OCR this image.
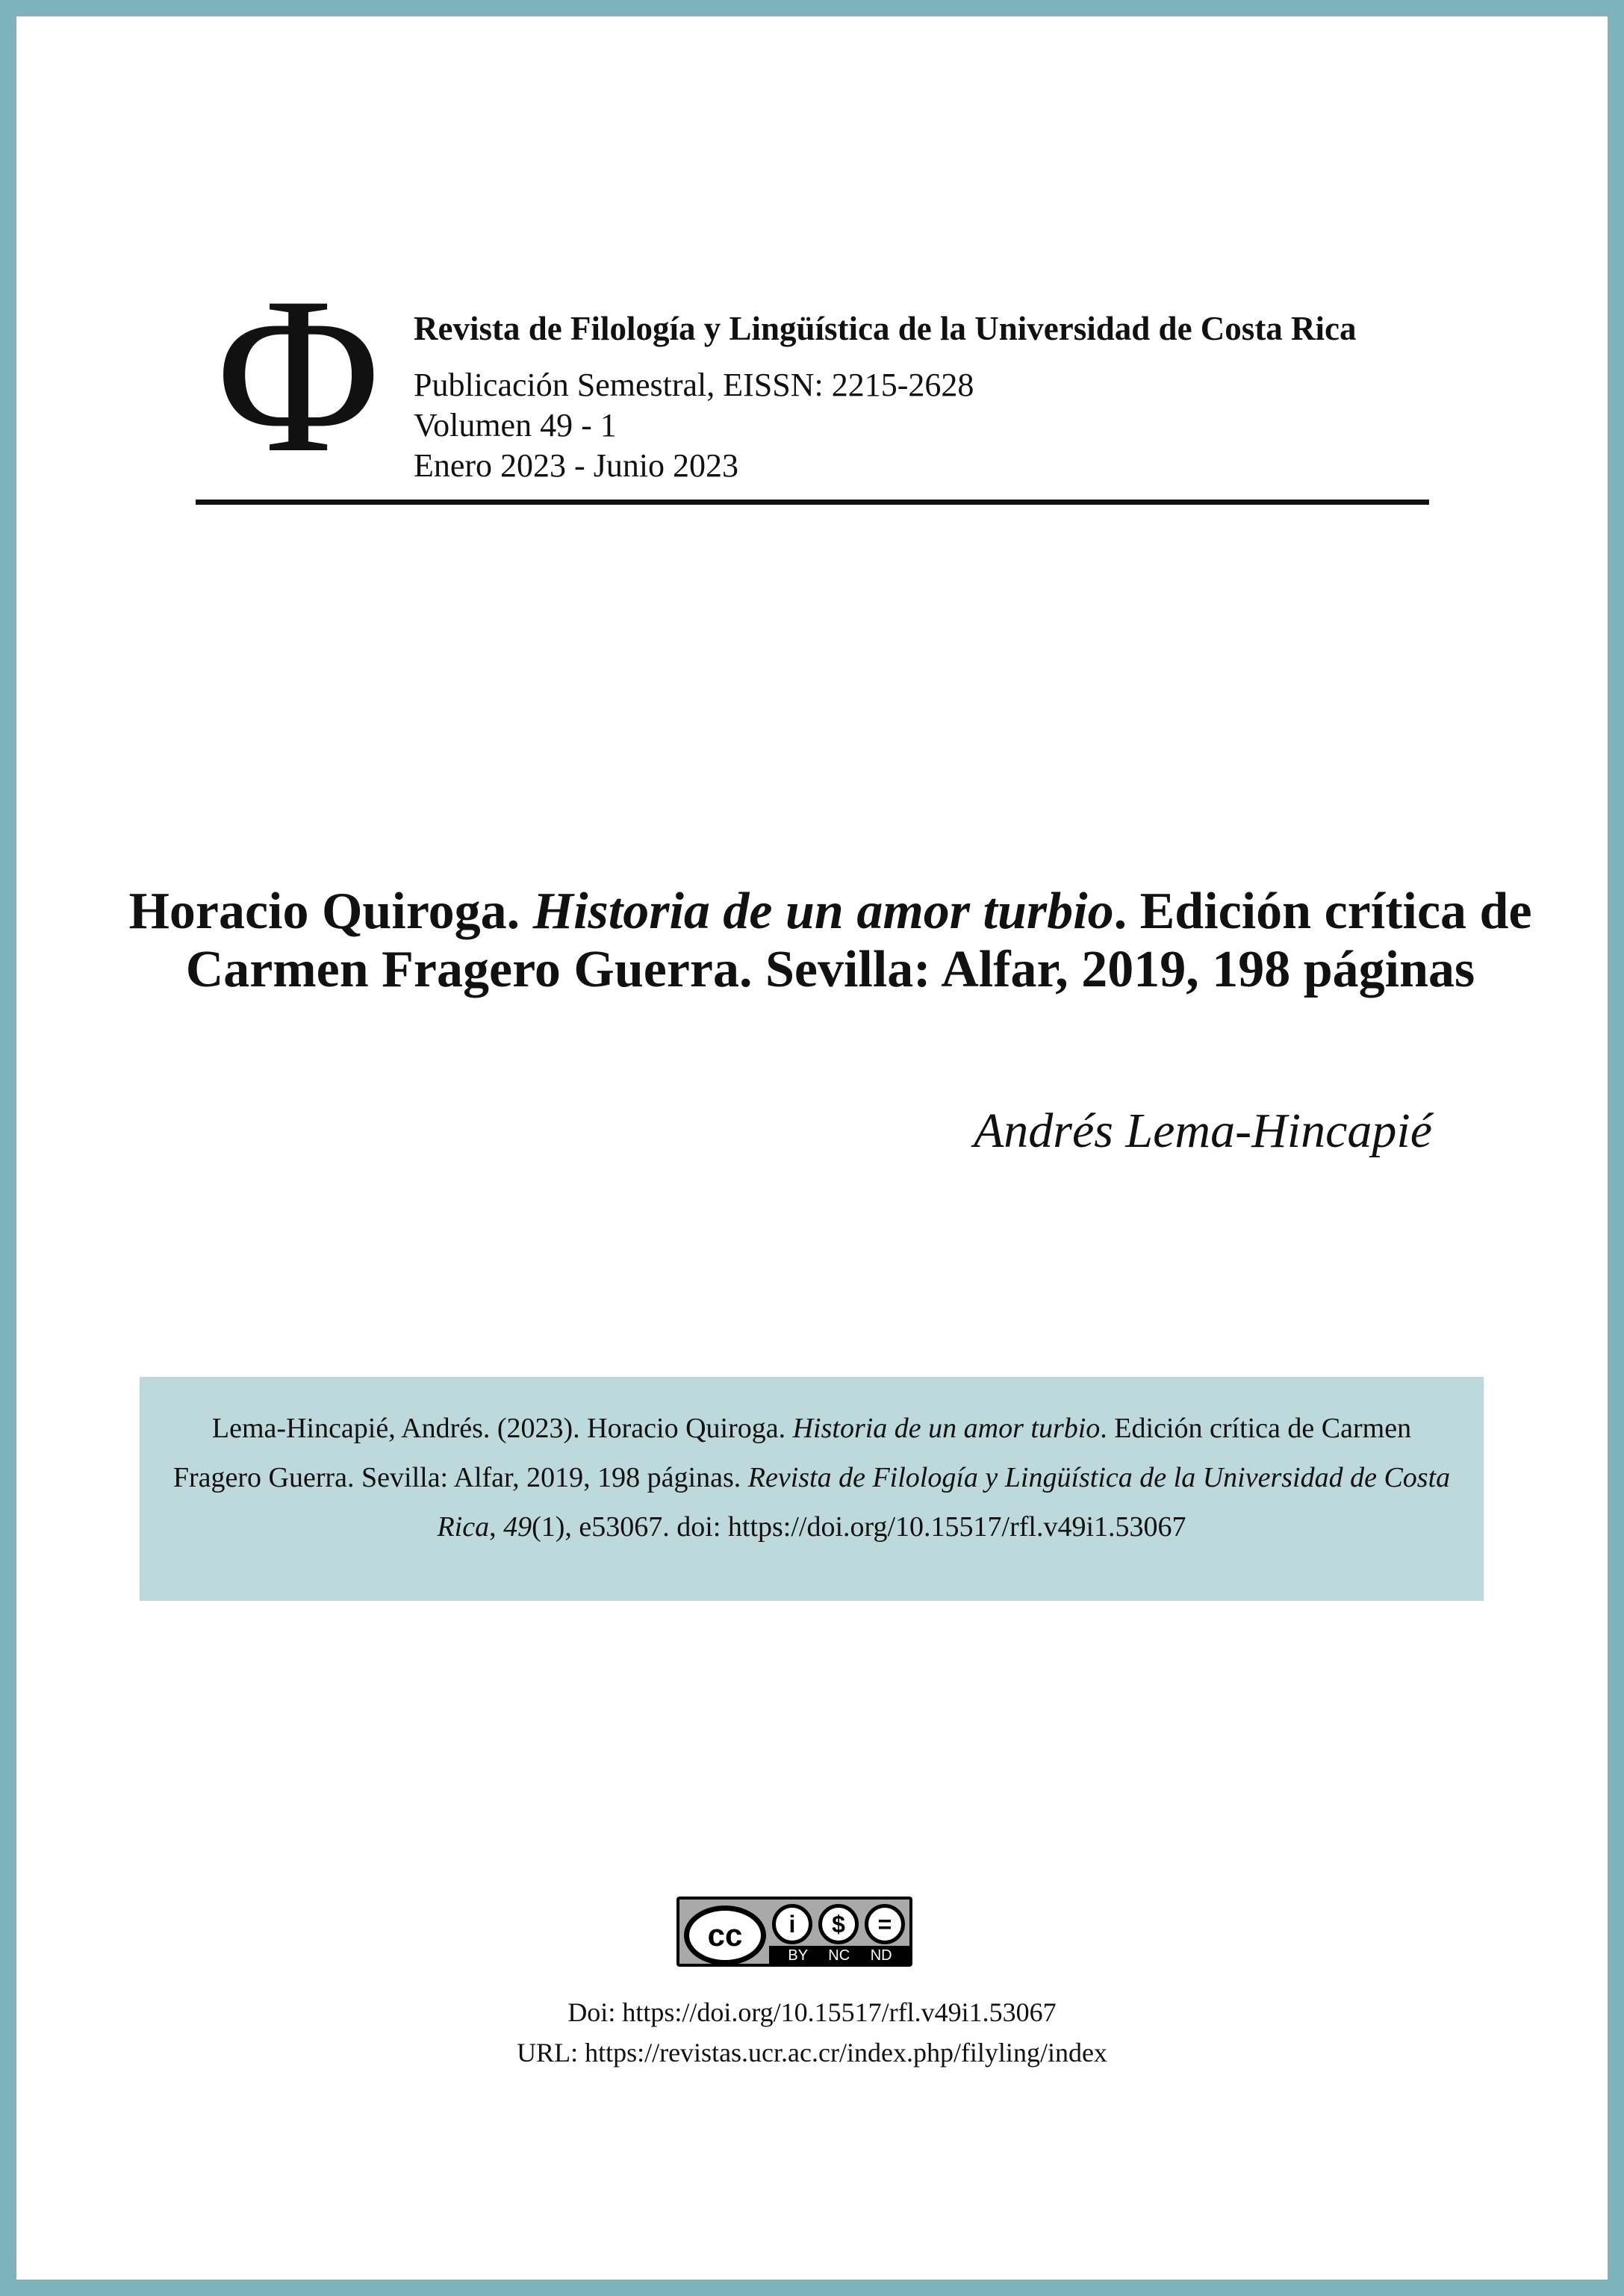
Φ Revista de Filología y Lingüística de la Universidad de Costa Rica
Publicación Semestral, EISSN: 2215-2628
Volumen 49 - 1
Enero 2023 - Junio 2023
Horacio Quiroga. Historia de un amor turbio. Edición crítica de Carmen Fragero Guerra. Sevilla: Alfar, 2019, 198 páginas
Andrés Lema-Hincapié
Lema-Hincapié, Andrés. (2023). Horacio Quiroga. Historia de un amor turbio. Edición crítica de Carmen Fragero Guerra. Sevilla: Alfar, 2019, 198 páginas. Revista de Filología y Lingüística de la Universidad de Costa Rica, 49(1), e53067. doi: https://doi.org/10.15517/rfl.v49i1.53067
cc	i	$	=
BY NC ND
Doi: https://doi.org/10.15517/rfl.v49i1.53067
URL: https://revistas.ucr.ac.cr/index.php/filyling/index
